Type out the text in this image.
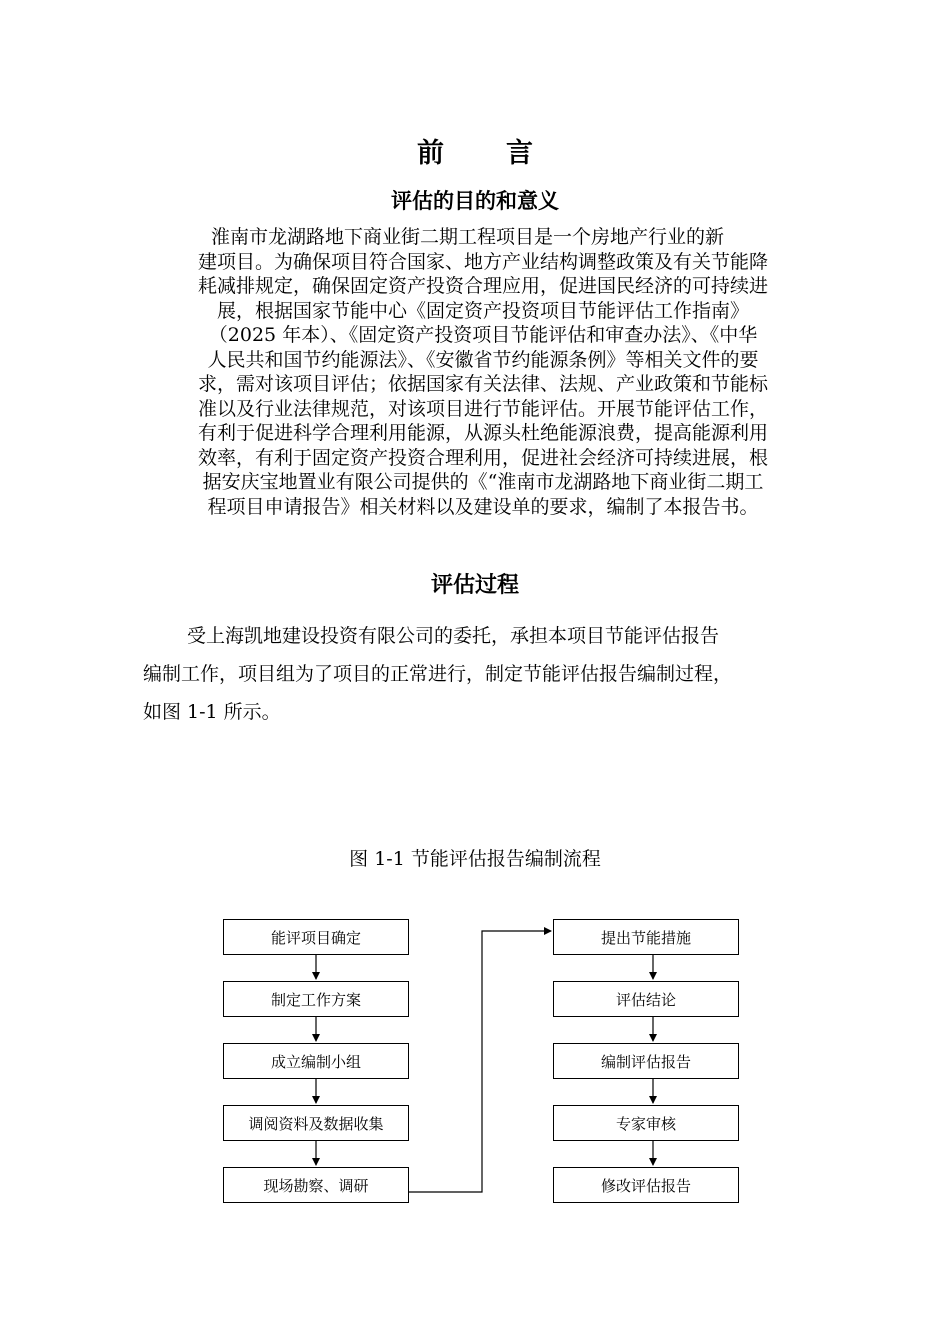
前 言
评估的目的和意义
淮南市龙湖路地下商业街二期工程项目是一个房地产行业的新
建项目。为确保项目符合国家、地方产业结构调整政策及有关节能降
耗减排规定，确保固定资产投资合理应用，促进国民经济的可持续进
展，根据国家节能中心《固定资产投资项目节能评估工作指南》
（2025 年本）、《固定资产投资项目节能评估和审查办法》、《中华
人民共和国节约能源法》、《安徽省节约能源条例》等相关文件的要
求，需对该项目评估；依据国家有关法律、法规、产业政策和节能标
准以及行业法律规范，对该项目进行节能评估。开展节能评估工作，
有利于促进科学合理利用能源，从源头杜绝能源浪费，提高能源利用
效率，有利于固定资产投资合理利用，促进社会经济可持续进展，根
据安庆宝地置业有限公司提供的《“淮南市龙湖路地下商业街二期工
程项目申请报告》相关材料以及建设单的要求，编制了本报告书。
评估过程
受上海凯地建设投资有限公司的委托，承担本项目节能评估报告
编制工作，项目组为了项目的正常进行，制定节能评估报告编制过程，
如图 1-1 所示。
图 1-1 节能评估报告编制流程
能评项目确定
制定工作方案
成立编制小组
调阅资料及数据收集
现场勘察、调研
提出节能措施
评估结论
编制评估报告
专家审核
修改评估报告
